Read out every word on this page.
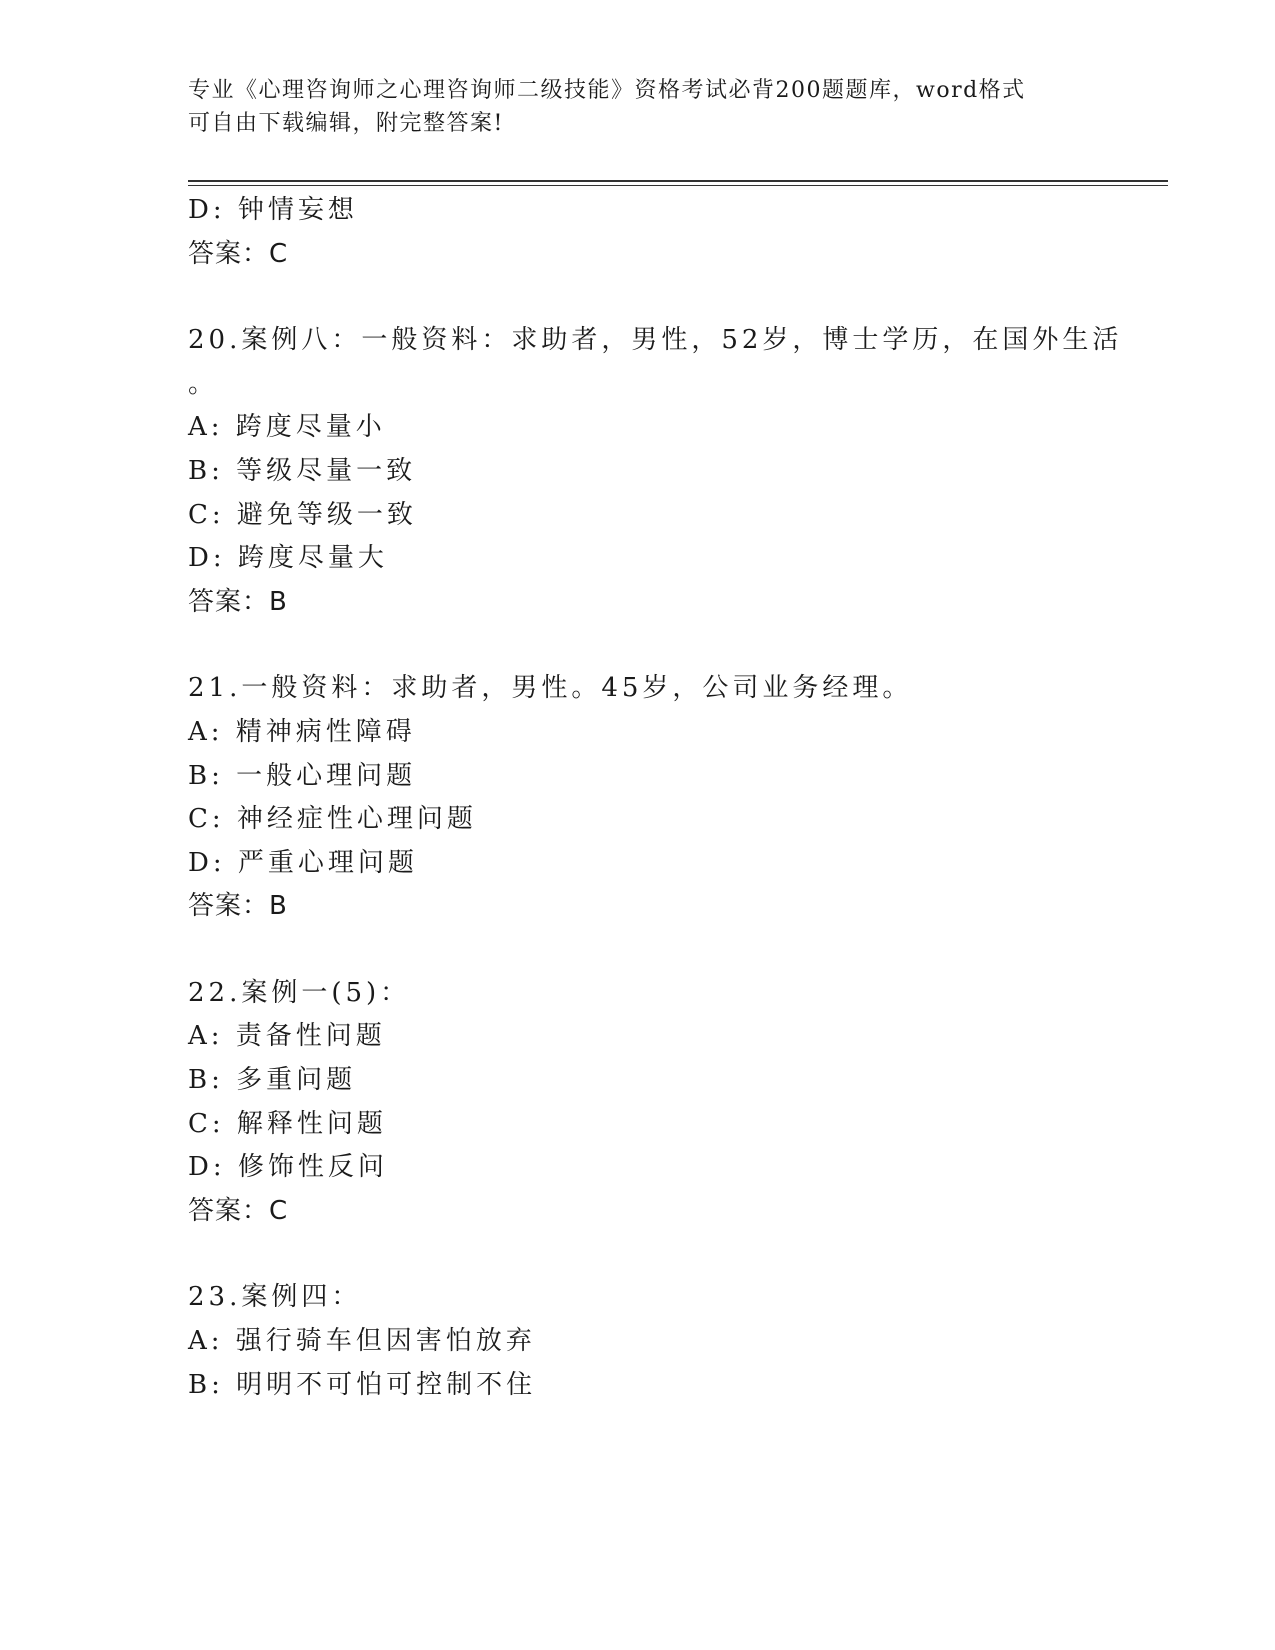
专业《心理咨询师之心理咨询师二级技能》资格考试必背200题题库，word格式
可自由下载编辑，附完整答案!
D: 钟情妄想
答案：C
20.案例八：一般资料：求助者，男性，52岁，博士学历，在国外生活
。
A: 跨度尽量小
B: 等级尽量一致
C: 避免等级一致
D: 跨度尽量大
答案：B
21.一般资料：求助者，男性。45岁，公司业务经理。
A: 精神病性障碍
B: 一般心理问题
C: 神经症性心理问题
D: 严重心理问题
答案：B
22.案例一(5)：
A: 责备性问题
B: 多重问题
C: 解释性问题
D: 修饰性反问
答案：C
23.案例四：
A: 强行骑车但因害怕放弃
B: 明明不可怕可控制不住
